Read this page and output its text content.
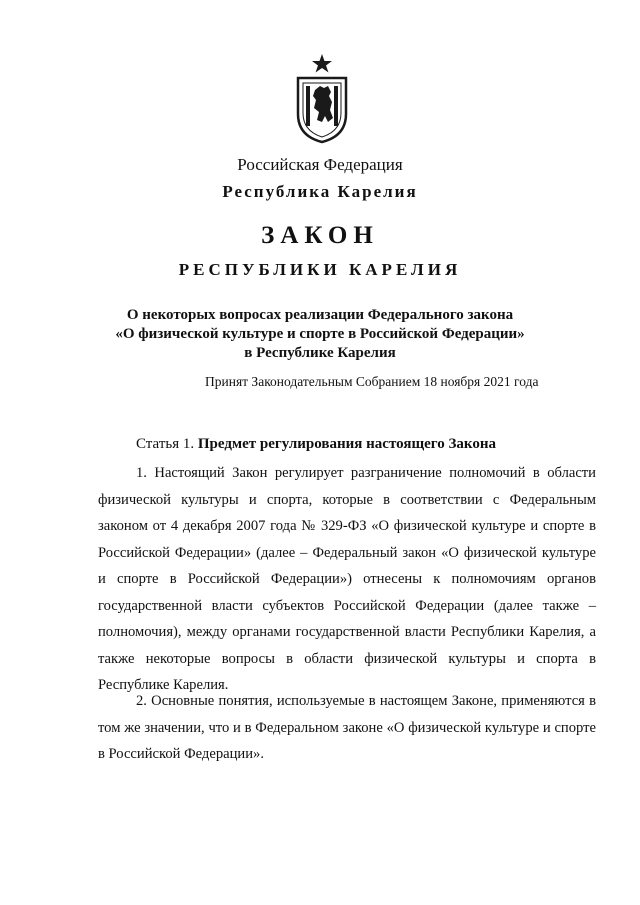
Российская Федерация
Республика Карелия
ЗАКОН
РЕСПУБЛИКИ КАРЕЛИЯ
О некоторых вопросах реализации Федерального закона
«О физической культуре и спорте в Российской Федерации»
в Республике Карелия
Принят Законодательным Собранием 18 ноября 2021 года
Статья 1. Предмет регулирования настоящего Закона

1. Настоящий Закон регулирует разграничение полномочий в области физической культуры и спорта, которые в соответствии с Федеральным законом от 4 декабря 2007 года № 329-ФЗ «О физической культуре и спорте в Российской Федерации» (далее – Федеральный закон «О физической культуре и спорте в Российской Федерации») отнесены к полномочиям органов государственной власти субъектов Российской Федерации (далее также – полномочия), между органами государственной власти Республики Карелия, а также некоторые вопросы в области физической культуры и спорта в Республике Карелия.

2. Основные понятия, используемые в настоящем Законе, применяются в том же значении, что и в Федеральном законе «О физической культуре и спорте в Российской Федерации».
